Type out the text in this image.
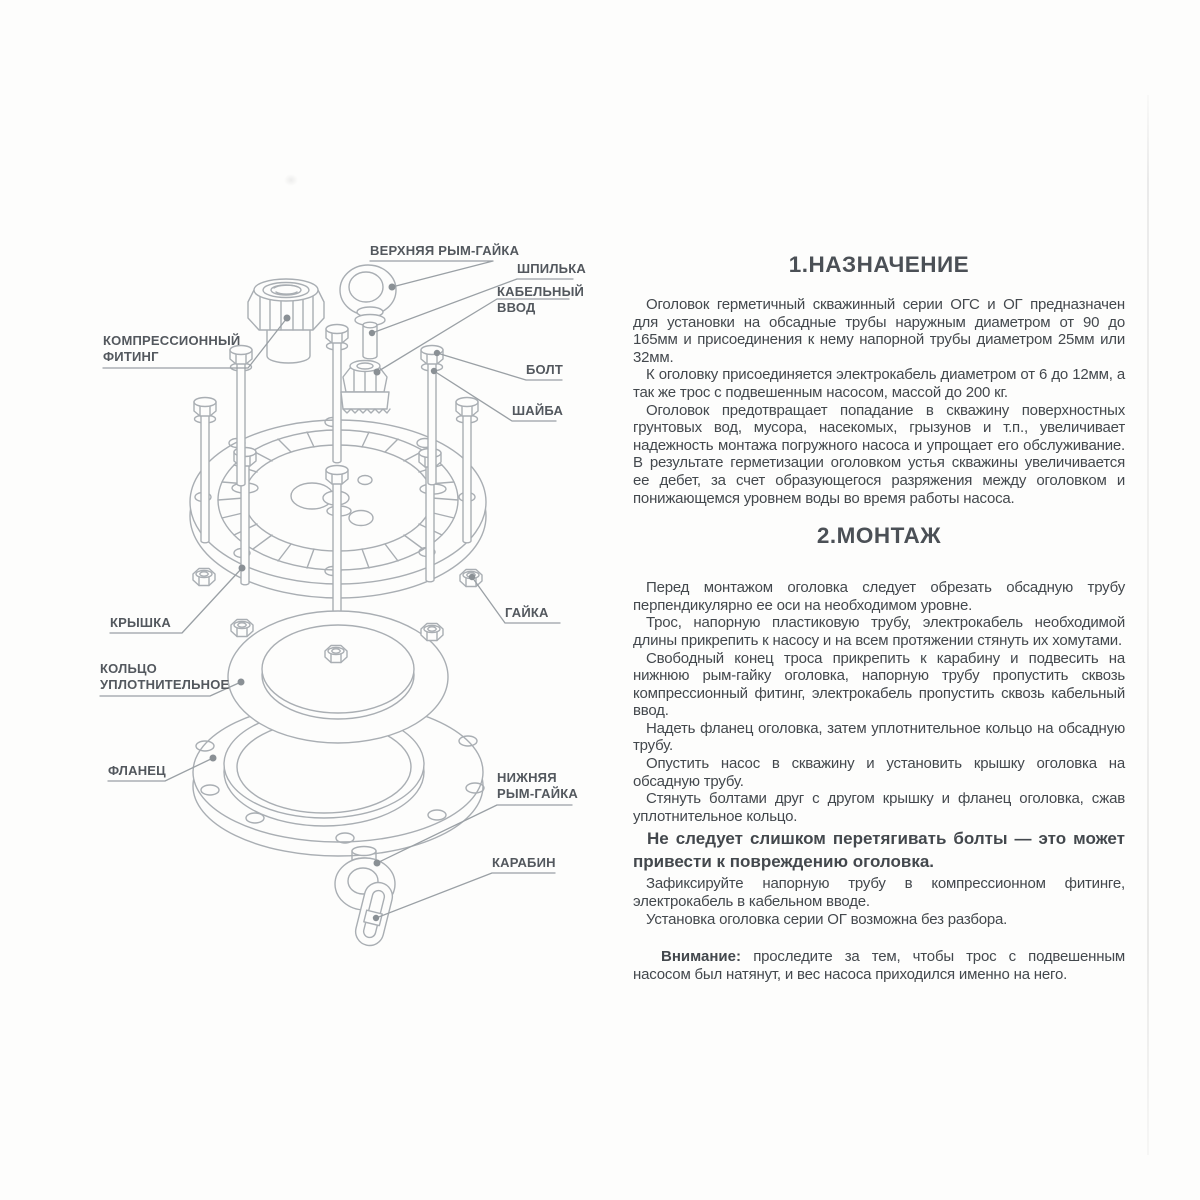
ВЕРХНЯЯ РЫМ-ГАЙКА
ШПИЛЬКА
КАБЕЛЬНЫЙ ВВОД
КОМПРЕССИОННЫЙ ФИТИНГ
БОЛТ
ШАЙБА
КРЫШКА
ГАЙКА
КОЛЬЦО УПЛОТНИТЕЛЬНОЕ
ФЛАНЕЦ	НИЖНЯЯ РЫМ-ГАЙКА
КАРАБИН
1.НАЗНАЧЕНИЕ

Оголовок герметичный скважинный серии ОГС и ОГ предназначен для установки на обсадные трубы наружным диаметром от 90 до 165мм и присоединения к нему напорной трубы диаметром 25мм или 32мм.

К оголовку присоединяется электрокабель диаметром от 6 до 12мм, а так же трос с подвешенным насосом, массой до 200 кг.

Оголовок предотвращает попадание в скважину поверхностных грунтовых вод, мусора, насекомых, грызунов и т.п., увеличивает надежность монтажа погружного насоса и упрощает его обслуживание. В результате герметизации оголовком устья скважины увеличивается ее дебет, за счет образующегося разряжения между оголовком и понижающемся уровнем воды во время работы насоса.

2.МОНТАЖ

Перед монтажом оголовка следует обрезать обсадную трубу перпендикулярно ее оси на необходимом уровне.

Трос, напорную пластиковую трубу, электрокабель необходимой длины прикрепить к насосу и на всем протяжении стянуть их хомутами.

Свободный конец троса прикрепить к карабину и подвесить на нижнюю рым-гайку оголовка, напорную трубу пропустить сквозь компрессионный фитинг, электрокабель пропустить сквозь кабельный ввод.

Надеть фланец оголовка, затем уплотнительное кольцо на обсадную трубу.

Опустить насос в скважину и установить крышку оголовка на обсадную трубу.

Стянуть болтами друг с другом крышку и фланец оголовка, сжав уплотнительное кольцо.

Не следует слишком перетягивать болты — это может привести к повреждению оголовка.

Зафиксируйте напорную трубу в компрессионном фитинге, электрокабель в кабельном вводе.

Установка оголовка серии ОГ возможна без разбора.

Внимание: проследите за тем, чтобы трос с подвешенным насосом был натянут, и вес насоса приходился именно на него.
